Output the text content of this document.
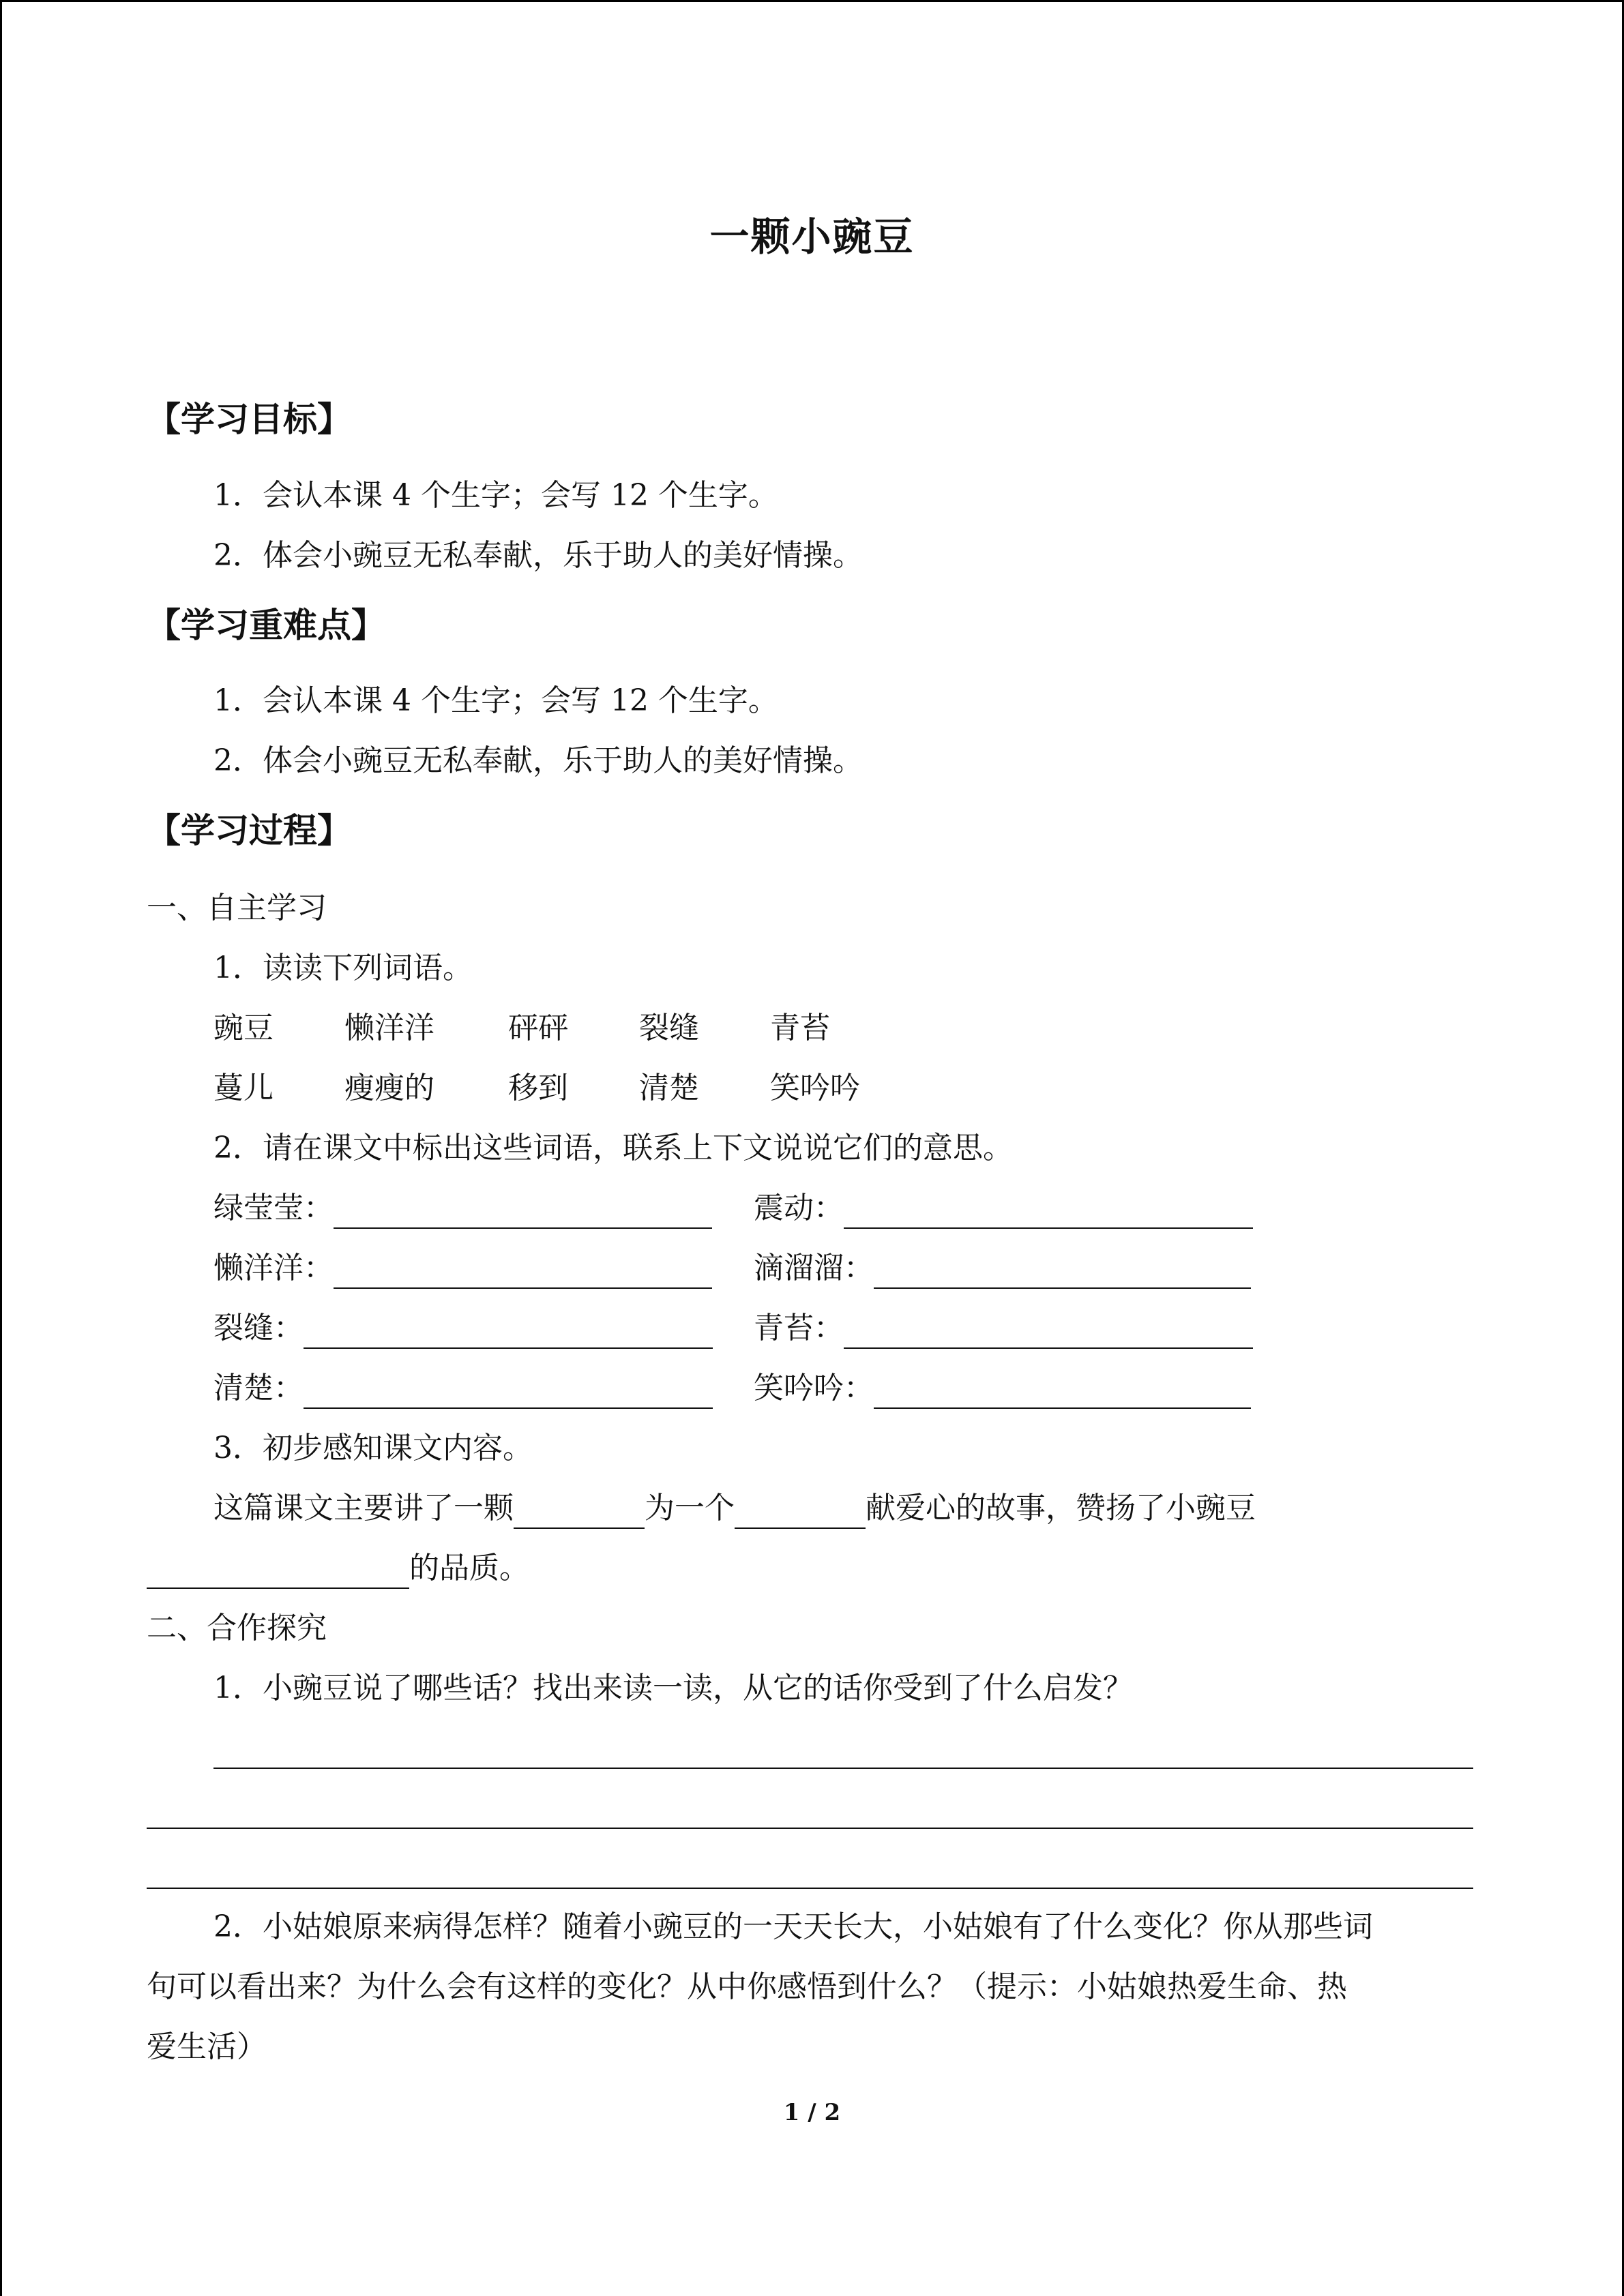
一颗小豌豆
【学习目标】
1．会认本课 4 个生字；会写 12 个生字。
2．体会小豌豆无私奉献，乐于助人的美好情操。
【学习重难点】
1．会认本课 4 个生字；会写 12 个生字。
2．体会小豌豆无私奉献，乐于助人的美好情操。
【学习过程】
一、自主学习
1．读读下列词语。
豌豆 懒洋洋 砰砰 裂缝 青苔
蔓儿 瘦瘦的 移到 清楚 笑吟吟
2．请在课文中标出这些词语，联系上下文说说它们的意思。
绿莹莹：	震动：
懒洋洋：	滴溜溜：
裂缝：	青苔：
清楚：	笑吟吟：
3．初步感知课文内容。
这篇课文主要讲了一颗	为一个	献爱心的故事，赞扬了小豌豆
的品质。
二、合作探究
1．小豌豆说了哪些话？找出来读一读，从它的话你受到了什么启发？
2．小姑娘原来病得怎样？随着小豌豆的一天天长大，小姑娘有了什么变化？你从那些词
句可以看出来？为什么会有这样的变化？从中你感悟到什么？（提示：小姑娘热爱生命、热
爱生活）
1 / 2
